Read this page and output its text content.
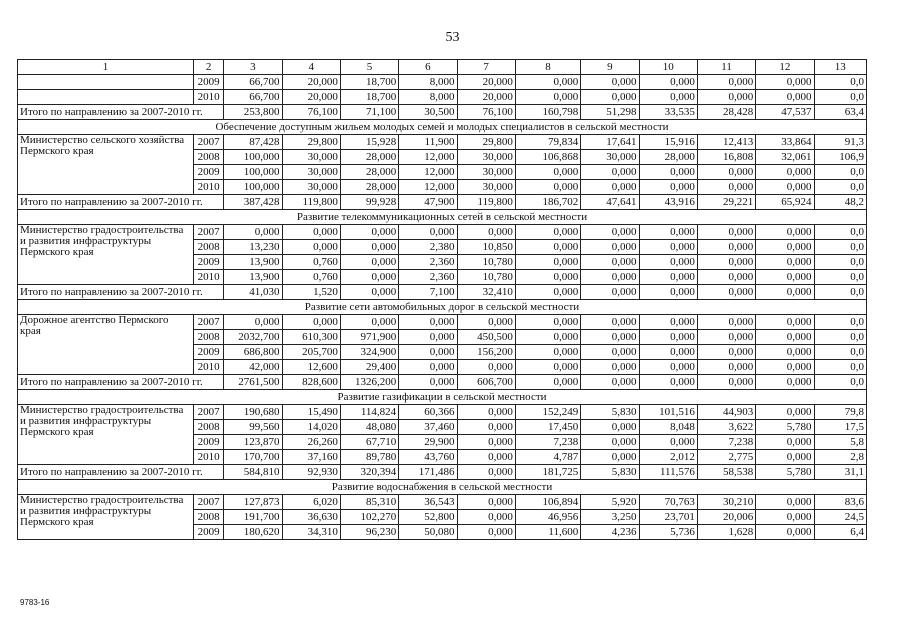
53
1	2	3	4	5	6	7	8	9	10	11	12	13
	2009	66,700	20,000	18,700	8,000	20,000	0,000	0,000	0,000	0,000	0,000	0,0
	2010	66,700	20,000	18,700	8,000	20,000	0,000	0,000	0,000	0,000	0,000	0,0
Итого по направлению за 2007-2010 гг.		253,800	76,100	71,100	30,500	76,100	160,798	51,298	33,535	28,428	47,537	63,4
Обеспечение доступным жильем молодых семей и молодых специалистов в сельской местности												
Министерство сельского хозяйства Пермского края	2007	87,428	29,800	15,928	11,900	29,800	79,834	17,641	15,916	12,413	33,864	91,3
	2008	100,000	30,000	28,000	12,000	30,000	106,868	30,000	28,000	16,808	32,061	106,9
	2009	100,000	30,000	28,000	12,000	30,000	0,000	0,000	0,000	0,000	0,000	0,0
	2010	100,000	30,000	28,000	12,000	30,000	0,000	0,000	0,000	0,000	0,000	0,0
Итого по направлению за 2007-2010 гг.		387,428	119,800	99,928	47,900	119,800	186,702	47,641	43,916	29,221	65,924	48,2
Развитие телекоммуникационных сетей в сельской местности												
Министерство градостроительства и развития инфраструктуры Пермского края	2007	0,000	0,000	0,000	0,000	0,000	0,000	0,000	0,000	0,000	0,000	0,0
	2008	13,230	0,000	0,000	2,380	10,850	0,000	0,000	0,000	0,000	0,000	0,0
	2009	13,900	0,760	0,000	2,360	10,780	0,000	0,000	0,000	0,000	0,000	0,0
	2010	13,900	0,760	0,000	2,360	10,780	0,000	0,000	0,000	0,000	0,000	0,0
Итого по направлению за 2007-2010 гг.		41,030	1,520	0,000	7,100	32,410	0,000	0,000	0,000	0,000	0,000	0,0
Развитие сети автомобильных дорог в сельской местности												
Дорожное агентство Пермского края	2007	0,000	0,000	0,000	0,000	0,000	0,000	0,000	0,000	0,000	0,000	0,0
	2008	2032,700	610,300	971,900	0,000	450,500	0,000	0,000	0,000	0,000	0,000	0,0
	2009	686,800	205,700	324,900	0,000	156,200	0,000	0,000	0,000	0,000	0,000	0,0
	2010	42,000	12,600	29,400	0,000	0,000	0,000	0,000	0,000	0,000	0,000	0,0
Итого по направлению за 2007-2010 гг.		2761,500	828,600	1326,200	0,000	606,700	0,000	0,000	0,000	0,000	0,000	0,0
Развитие газификации в сельской местности												
Министерство градостроительства и развития инфраструктуры Пермского края	2007	190,680	15,490	114,824	60,366	0,000	152,249	5,830	101,516	44,903	0,000	79,8
	2008	99,560	14,020	48,080	37,460	0,000	17,450	0,000	8,048	3,622	5,780	17,5
	2009	123,870	26,260	67,710	29,900	0,000	7,238	0,000	0,000	7,238	0,000	5,8
	2010	170,700	37,160	89,780	43,760	0,000	4,787	0,000	2,012	2,775	0,000	2,8
Итого по направлению за 2007-2010 гг.		584,810	92,930	320,394	171,486	0,000	181,725	5,830	111,576	58,538	5,780	31,1
Развитие водоснабжения в сельской местности												
Министерство градостроительства и развития инфраструктуры Пермского края	2007	127,873	6,020	85,310	36,543	0,000	106,894	5,920	70,763	30,210	0,000	83,6
	2008	191,700	36,630	102,270	52,800	0,000	46,956	3,250	23,701	20,006	0,000	24,5
	2009	180,620	34,310	96,230	50,080	0,000	11,600	4,236	5,736	1,628	0,000	6,4
9783-16
